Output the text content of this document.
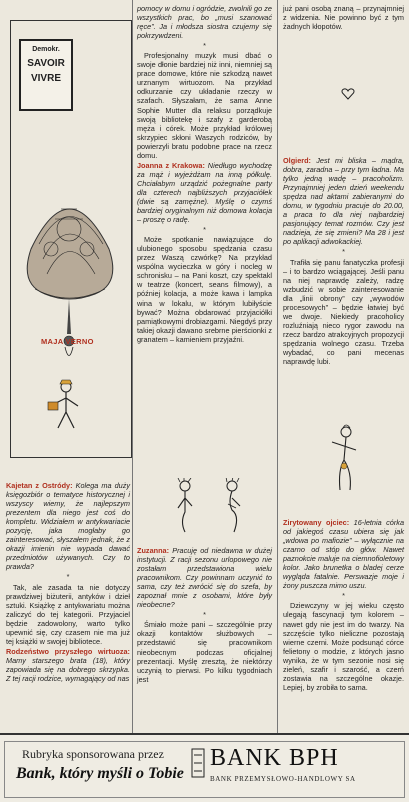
Demokr.
SAVOIR
VIVRE
MAJA VERNO

Kajetan z Ostródy: Kolega ma duży księgozbiór o tematyce historycznej i wszyscy wiemy, że najlepszym prezentem dla niego jest coś do kompletu. Widziałem w antykwariacie pozycję, jaka mogłaby go zainteresować, słyszałem jednak, że z okazji imienin nie wypada dawać przedmiotów używanych. Czy to prawda?

*

Tak, ale zasada ta nie dotyczy prawdziwej biżuterii, antyków i dzieł sztuki. Książkę z antykwariatu można zaliczyć do tej kategorii. Przyjaciel będzie zadowolony, warto tylko upewnić się, czy czasem nie ma już tej książki w swojej bibliotece.

Rodzeństwo przyszłego wirtuoza: Mamy starszego brata (18), który zapowiada się na dobrego skrzypka. Z tej racji rodzice, wymagający od nas

pomocy w domu i ogródzie, zwolnili go ze wszystkich prac, bo „musi szanować ręce”. Ja i młodsza siostra czujemy się pokrzywdzeni.

*

Profesjonalny muzyk musi dbać o swoje dłonie bardziej niż inni, niemniej są prace domowe, które nie szkodzą nawet urznanym wirtuozom. Na przykład odkurzanie czy układanie rzeczy w szafach. Słyszałam, że sama Anne Sophie Mutter dla relaksu porządkuje swoją bibliotekę i szafy z garderobą męża i córek. Może przykład królowej skrzypiec skłoni Waszych rodziców, by powierzyli bratu podobne prace na rzecz domu.

Joanna z Krakowa: Niedługo wychodzę za mąż i wyjeżdżam na inną półkulę. Chciałabym urządzić pożegnalne party dla czterech najbliższych przyjaciółek (dwie są zamężne). Myślę o czymś bardziej oryginalnym niż domowa kolacja – proszę o radę.

*

Może spotkanie nawiązujące do ulubionego sposobu spędzania czasu przez Waszą czwórkę? Na przykład wspólna wycieczka w góry i nocleg w schronisku – na Pani koszt, czy spektakl w teatrze (koncert, seans filmowy), a później kolacja, a może kawa i lampka wina w lokalu, w którym lubiłyście bywać? Można obdarować przyjaciółki pamiątkowymi drobiazgami. Niegdyś przy takiej okazji dawano srebrne pierścionki z granatem – kamieniem przyjaźni.

Zuzanna: Pracuję od niedawna w dużej instytucji. Z racji sezonu urlopowego nie zostałam przedstawiona wielu pracownikom. Czy powinnam uczynić to sama, czy też zwrócić się do szefa, by zapoznał mnie z osobami, które były nieobecne?

*

Śmiało może pani – szczególnie przy okazji kontaktów służbowych – przedstawić się pracownikom nieobecnym podczas oficjalnej prezentacji. Myślę zresztą, że niektórzy uczynią to pierwsi. Po kilku tygodniach jest

już pani osobą znaną – przynajmniej z widzenia. Nie powinno być z tym żadnych kłopotów.

Olgierd: Jest mi bliska – mądra, dobra, zaradna – przy tym ładna. Ma tylko jedną wadę – pracoholizm. Przynajmniej jeden dzień weekendu spędza nad aktami zabieranymi do domu, w tygodniu pracuje do 20.00, a praca to dla niej najbardziej pasjonujący temat rozmów. Czy jest nadzieja, że się zmieni? Ma 28 i jest po aplikacji adwokackiej.

*

Trafiła się panu fanatyczka profesji – i to bardzo wciągającej. Jeśli panu na niej naprawdę zależy, radzę wzbudzić w sobie zainteresowanie dla „linii obrony” czy „wywodów procesowych” – będzie łatwiej być we dwoje. Niekiedy pracoholicy rozluźniają nieco rygor zawodu na rzecz bardzo atrakcyjnych propozycji spędzania wolnego czasu. Trzeba wybadać, co pani mecenas naprawdę lubi.

Zirytowany ojciec: 16-letnia córka od jakiegoś czasu ubiera się jak „wdowa po mafiozie” – wyłącznie na czarno od stóp do głów. Nawet paznokcie maluje na ciemnofioletowy kolor. Jako brunetka o bladej cerze wygląda fatalnie. Perswazje moje i żony puszcza mimo uszu.

*

Dziewczyny w jej wieku często ulegają fascynacji tym kolorem – nawet gdy nie jest im do twarzy. Na szczęście tylko nieliczne pozostają wierne czerni. Może podsunąć córce felietony o modzie, z których jasno wynika, że w tym sezonie nosi się zieleń, szafir i szarość, a czerń zostawia na szczególne okazje. Lepiej, by zrobiła to sama.

Rubryka sponsorowana przez
Bank, który myśli o Tobie
BANK BPH
BANK PRZEMYSŁOWO-HANDLOWY SA
